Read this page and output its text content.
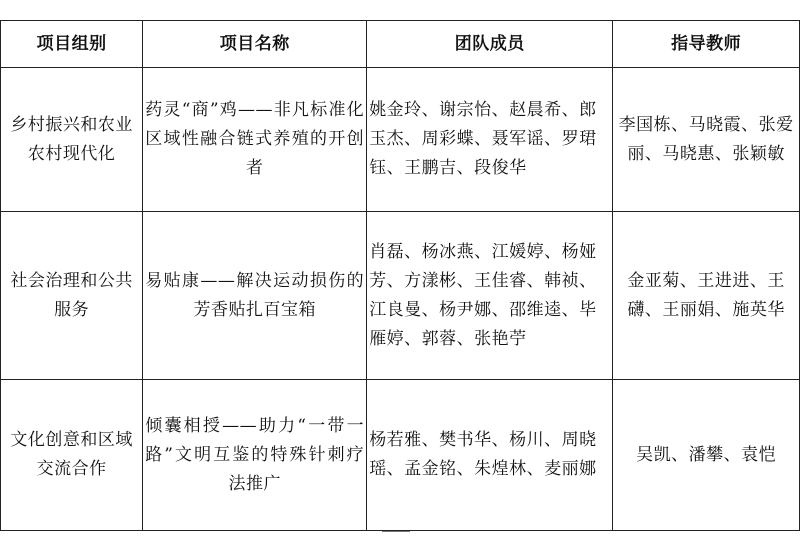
项目组别	项目名称	团队成员	指导教师
乡村振兴和农业农村现代化	药灵“商”鸡——非凡标准化区域性融合链式养殖的开创者	姚金玲、谢宗怡、赵晨希、郎玉杰、周彩蝶、聂军谣、罗珺钰、王鹏吉、段俊华	李国栋、马晓霞、张爱丽、马晓惠、张颖敏
社会治理和公共服务	易贴康——解决运动损伤的芳香贴扎百宝箱	肖磊、杨冰燕、江媛婷、杨娅芳、方漾彬、王佳睿、韩祯、江良曼、杨尹娜、邵维逵、毕雁婷、郭蓉、张艳苧	金亚菊、王进进、王礴、王丽娟、施英华
文化创意和区域交流合作	倾囊相授——助力“一带一路”文明互鉴的特殊针刺疗法推广	杨若雅、樊书华、杨川、周晓瑶、孟金铭、朱煌林、麦丽娜	吴凯、潘攀、袁恺
